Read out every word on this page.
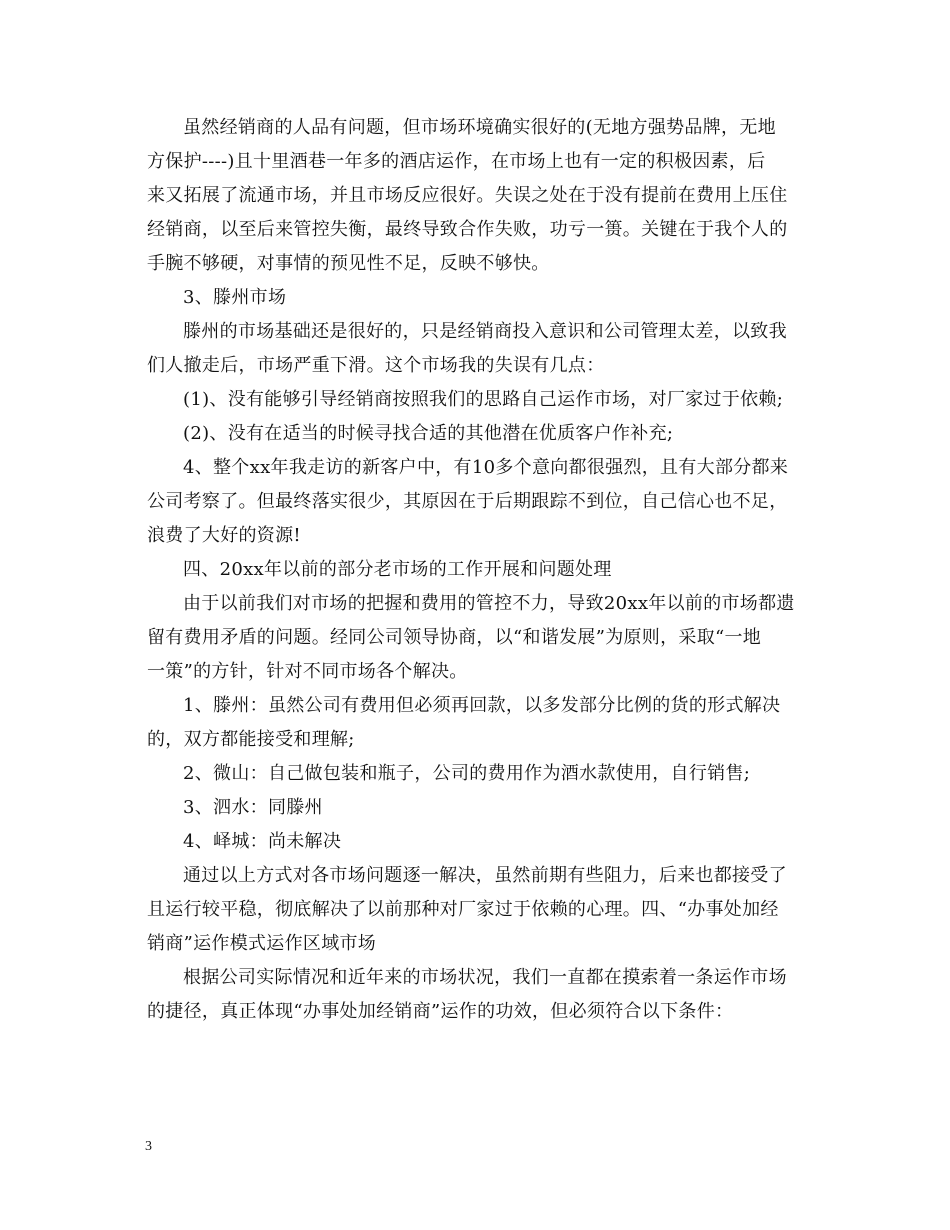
虽然经销商的人品有问题，但市场环境确实很好的(无地方强势品牌，无地
方保护----)且十里酒巷一年多的酒店运作，在市场上也有一定的积极因素，后
来又拓展了流通市场，并且市场反应很好。失误之处在于没有提前在费用上压住
经销商，以至后来管控失衡，最终导致合作失败，功亏一篑。关键在于我个人的
手腕不够硬，对事情的预见性不足，反映不够快。
3、滕州市场
滕州的市场基础还是很好的，只是经销商投入意识和公司管理太差，以致我
们人撤走后，市场严重下滑。这个市场我的失误有几点：
(1)、没有能够引导经销商按照我们的思路自己运作市场，对厂家过于依赖;
(2)、没有在适当的时候寻找合适的其他潜在优质客户作补充;
4、整个xx年我走访的新客户中，有10多个意向都很强烈，且有大部分都来
公司考察了。但最终落实很少，其原因在于后期跟踪不到位，自己信心也不足，
浪费了大好的资源!
四、20xx年以前的部分老市场的工作开展和问题处理
由于以前我们对市场的把握和费用的管控不力，导致20xx年以前的市场都遗
留有费用矛盾的问题。经同公司领导协商，以“和谐发展”为原则，采取“一地
一策”的方针，针对不同市场各个解决。
1、滕州：虽然公司有费用但必须再回款，以多发部分比例的货的形式解决
的，双方都能接受和理解;
2、微山：自己做包装和瓶子，公司的费用作为酒水款使用，自行销售;
3、泗水：同滕州
4、峄城：尚未解决
通过以上方式对各市场问题逐一解决，虽然前期有些阻力，后来也都接受了
且运行较平稳，彻底解决了以前那种对厂家过于依赖的心理。四、“办事处加经
销商”运作模式运作区域市场
根据公司实际情况和近年来的市场状况，我们一直都在摸索着一条运作市场
的捷径，真正体现“办事处加经销商”运作的功效，但必须符合以下条件：
3
